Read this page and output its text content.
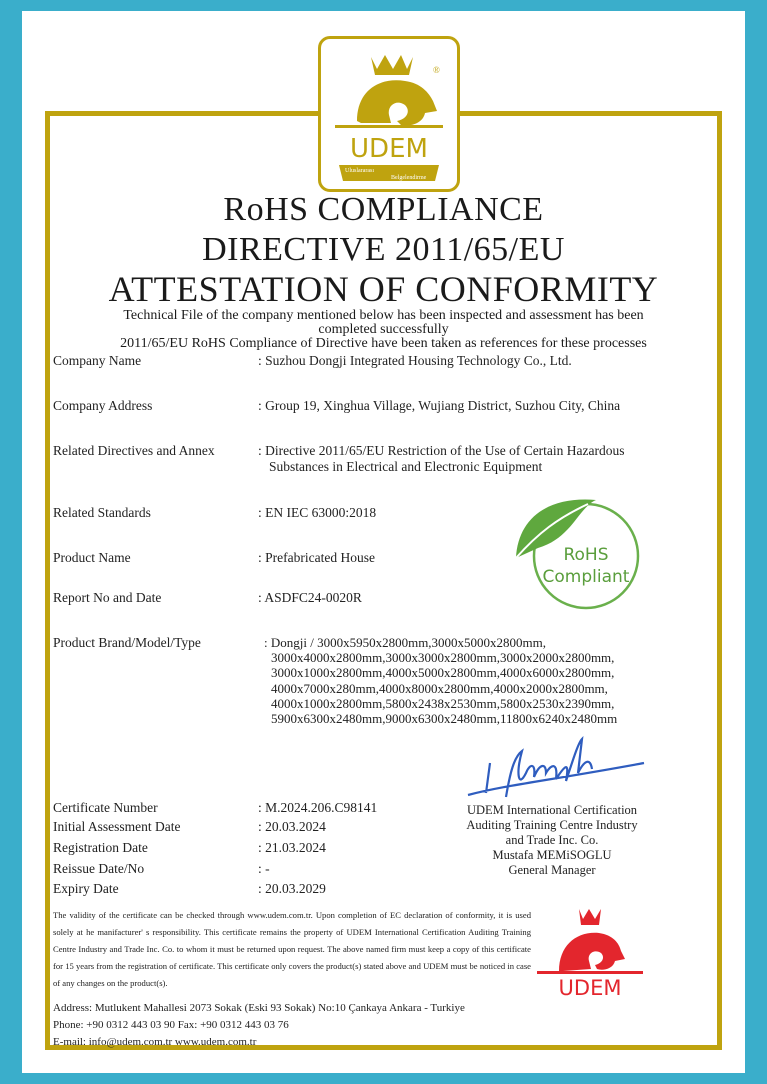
UDEM
Uluslararası
Belgelendirme
®
RoHS COMPLIANCE
DIRECTIVE 2011/65/EU
ATTESTATION OF CONFORMITY
Technical File of the company mentioned below has been inspected and assessment has been
completed successfully
2011/65/EU RoHS Compliance of Directive have been taken as references for these processes
Company Name	: Suzhou Dongji Integrated Housing Technology Co., Ltd.
Company Address	: Group 19, Xinghua Village, Wujiang District, Suzhou City, China
Related Directives and Annex	: Directive 2011/65/EU Restriction of the Use of Certain Hazardous
Substances in Electrical and Electronic Equipment
Related Standards	: EN IEC 63000:2018
Product Name	: Prefabricated House
Report No and Date	: ASDFC24-0020R
Product Brand/Model/Type	: Dongji / 3000x5950x2800mm,3000x5000x2800mm,
3000x4000x2800mm,3000x3000x2800mm,3000x2000x2800mm,
3000x1000x2800mm,4000x5000x2800mm,4000x6000x2800mm,
4000x7000x280mm,4000x8000x2800mm,4000x2000x2800mm,
4000x1000x2800mm,5800x2438x2530mm,5800x2530x2390mm,
5900x6300x2480mm,9000x6300x2480mm,11800x6240x2480mm
RoHS
Compliant
Certificate Number	: M.2024.206.C98141
Initial Assessment Date	: 20.03.2024
Registration Date	: 21.03.2024
Reissue Date/No	: -
Expiry Date	: 20.03.2029
UDEM International Certification
Auditing Training Centre Industry
and Trade Inc. Co.
Mustafa MEMiSOGLU
General Manager
The validity of the certificate can be checked through www.udem.com.tr. Upon completion of EC declaration of conformity, it is used solely at he manifacturer' s responsibility. This certificate remains the property of UDEM International Certification Auditing Training Centre Industry and Trade Inc. Co. to whom it must be returned upon request. The above named firm must keep a copy of this certificate for 15 years from the registration of certificate. This certificate only covers the product(s) stated above and UDEM must be noticed in case of any changes on the product(s).	UDEM
Address: Mutlukent Mahallesi 2073 Sokak (Eski 93 Sokak) No:10 Çankaya Ankara - Turkiye
Phone: +90 0312 443 03 90 Fax: +90 0312 443 03 76
E-mail: info@udem.com.tr www.udem.com.tr
